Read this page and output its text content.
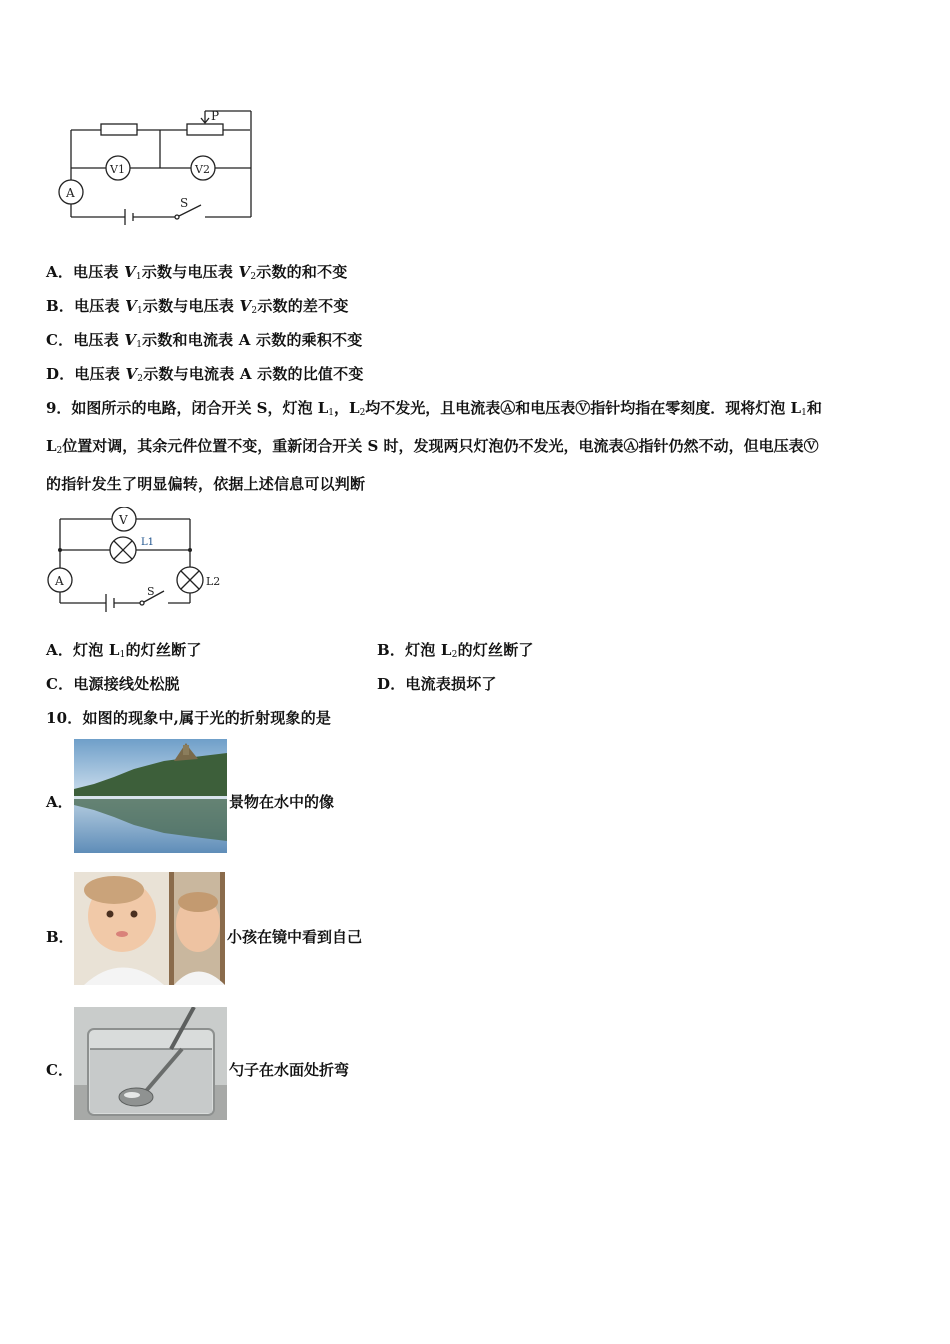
P
A
V1	V2
S
A．电压表 $V_1$示数与电压表 $V_2$示数的和不变
B．电压表 $V_1$示数与电压表 $V_2$示数的差不变
C．电压表 $V_1$示数和电流表 A 示数的乘积不变
D．电压表 $V_2$示数与电流表 A 示数的比值不变
9．如图所示的电路，闭合开关 S，灯泡 $L_1$，$L_2$均不发光，且电流表Ⓐ和电压表Ⓥ指针均指在零刻度．现将灯泡 $L_1$和
$L_2$位置对调，其余元件位置不变，重新闭合开关 S 时，发现两只灯泡仍不发光，电流表Ⓐ指针仍然不动，但电压表Ⓥ
的指针发生了明显偏转，依据上述信息可以判断
V
L1
A	L2
S
A．灯泡 $L_1$的灯丝断了	B．灯泡 $L_2$的灯丝断了
C．电源接线处松脱	D．电流表损坏了
10．如图的现象中,属于光的折射现象的是
A．	景物在水中的像
B．	小孩在镜中看到自己
C．	勺子在水面处折弯
